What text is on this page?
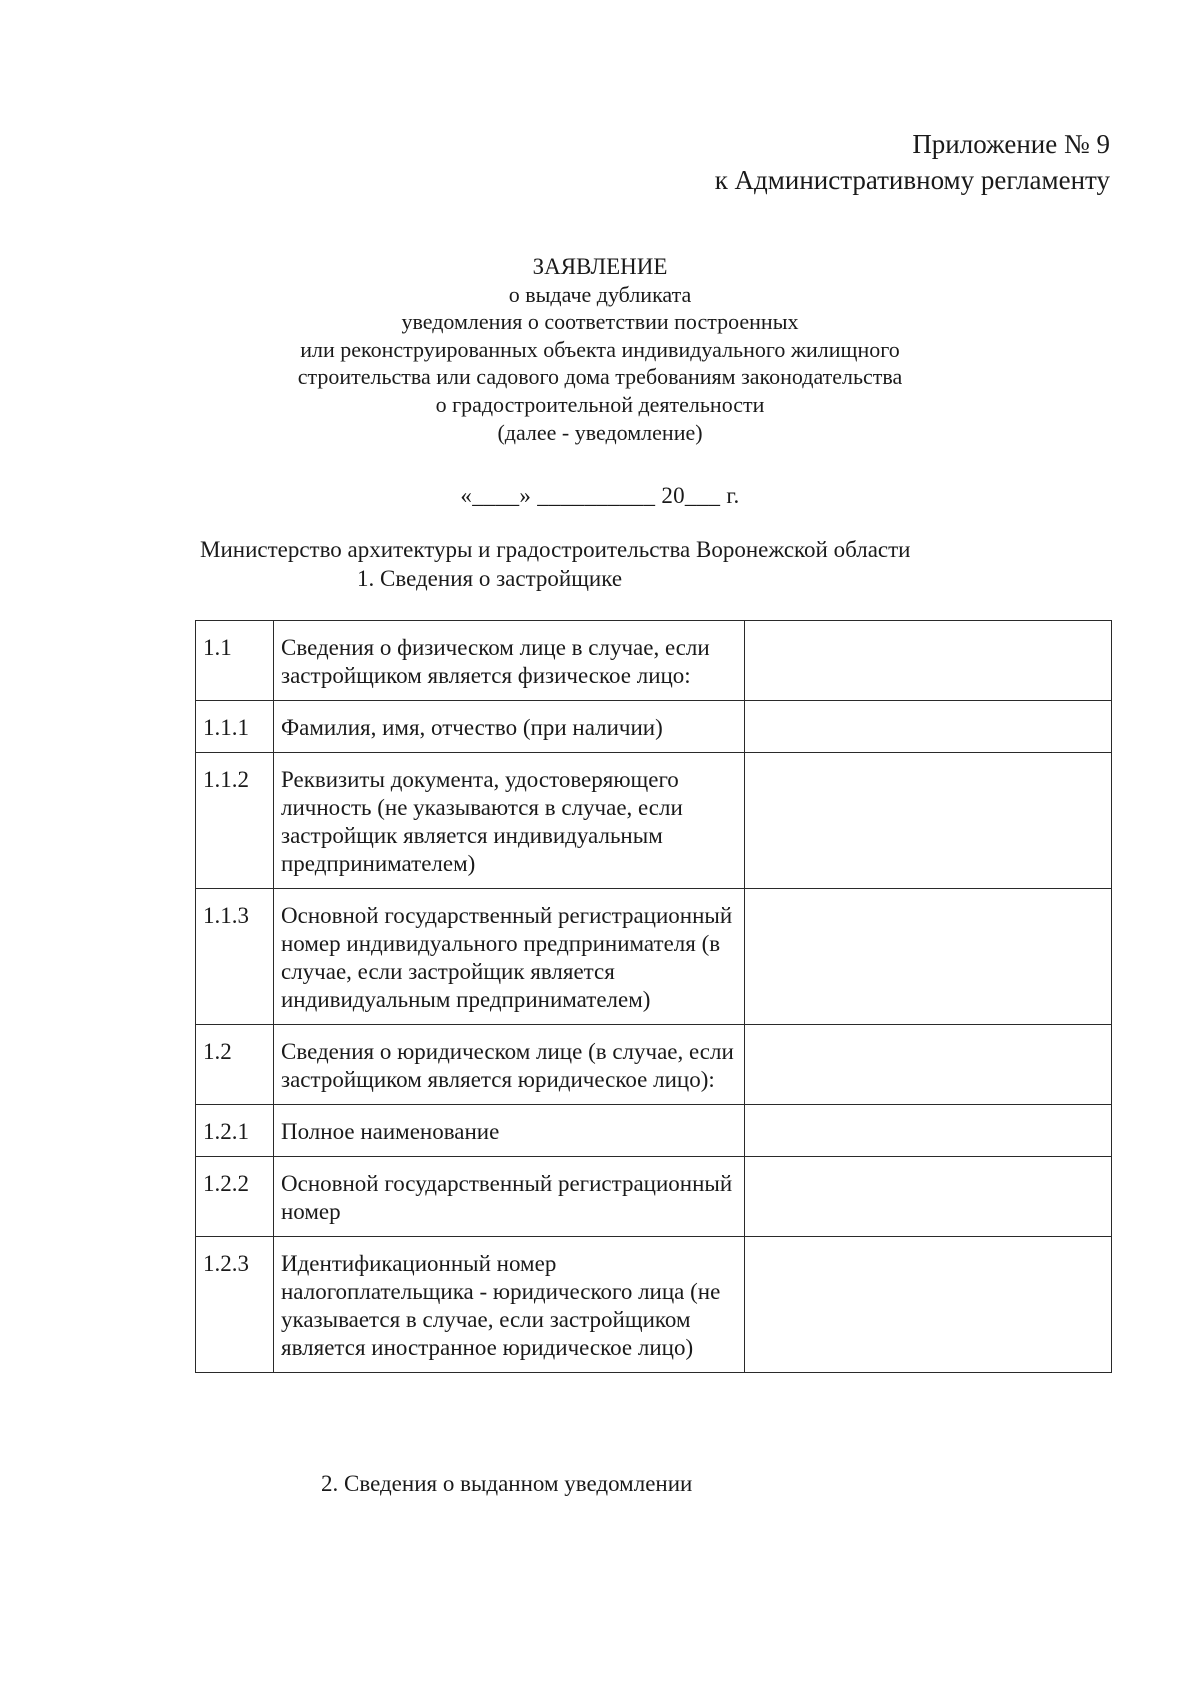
Приложение № 9
к Административному регламенту
ЗАЯВЛЕНИЕ
о выдаче дубликата
уведомления о соответствии построенных
или реконструированных объекта индивидуального жилищного
строительства или садового дома требованиям законодательства
о градостроительной деятельности
(далее - уведомление)
«____» __________ 20___ г.
Министерство архитектуры и градостроительства Воронежской области
1. Сведения о застройщике
1.1	Сведения о физическом лице в случае, если застройщиком является физическое лицо:	
1.1.1	Фамилия, имя, отчество (при наличии)	
1.1.2	Реквизиты документа, удостоверяющего личность (не указываются в случае, если застройщик является индивидуальным предпринимателем)	
1.1.3	Основной государственный регистрационный номер индивидуального предпринимателя (в случае, если застройщик является индивидуальным предпринимателем)	
1.2	Сведения о юридическом лице (в случае, если застройщиком является юридическое лицо):	
1.2.1	Полное наименование	
1.2.2	Основной государственный регистрационный номер	
1.2.3	Идентификационный номер налогоплательщика - юридического лица (не указывается в случае, если застройщиком является иностранное юридическое лицо)	
2. Сведения о выданном уведомлении
